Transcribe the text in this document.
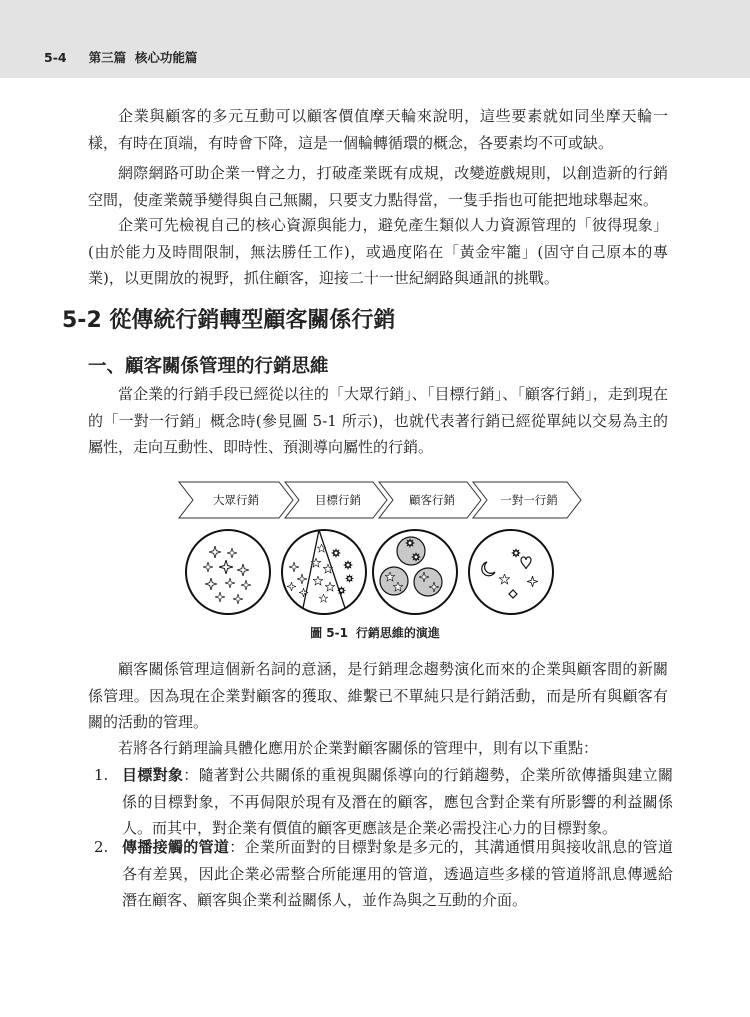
5-4 第三篇 核心功能篇

企業與顧客的多元互動可以顧客價值摩天輪來說明，這些要素就如同坐摩天輪一樣，有時在頂端，有時會下降，這是一個輪轉循環的概念，各要素均不可或缺。

網際網路可助企業一臂之力，打破產業既有成規，改變遊戲規則，以創造新的行銷空間，使產業競爭變得與自己無關，只要支力點得當，一隻手指也可能把地球舉起來。

企業可先檢視自己的核心資源與能力，避免產生類似人力資源管理的「彼得現象」(由於能力及時間限制，無法勝任工作)，或過度陷在「黃金牢籠」(固守自己原本的專業)，以更開放的視野，抓住顧客，迎接二十一世紀網路與通訊的挑戰。

5-2 從傳統行銷轉型顧客關係行銷
一、顧客關係管理的行銷思維

當企業的行銷手段已經從以往的「大眾行銷」、「目標行銷」、「顧客行銷」，走到現在的「一對一行銷」概念時(參見圖 5-1 所示)，也就代表著行銷已經從單純以交易為主的屬性，走向互動性、即時性、預測導向屬性的行銷。

大眾行銷	目標行銷	顧客行銷	一對一行銷
圖 5-1 行銷思維的演進

顧客關係管理這個新名詞的意涵，是行銷理念趨勢演化而來的企業與顧客間的新關係管理。因為現在企業對顧客的獲取、維繫已不單純只是行銷活動，而是所有與顧客有關的活動的管理。

若將各行銷理論具體化應用於企業對顧客關係的管理中，則有以下重點：

1. 目標對象：隨著對公共關係的重視與關係導向的行銷趨勢，企業所欲傳播與建立關係的目標對象，不再侷限於現有及潛在的顧客，應包含對企業有所影響的利益關係人。而其中，對企業有價值的顧客更應該是企業必需投注心力的目標對象。
2. 傳播接觸的管道：企業所面對的目標對象是多元的，其溝通慣用與接收訊息的管道各有差異，因此企業必需整合所能運用的管道，透過這些多樣的管道將訊息傳遞給潛在顧客、顧客與企業利益關係人，並作為與之互動的介面。
